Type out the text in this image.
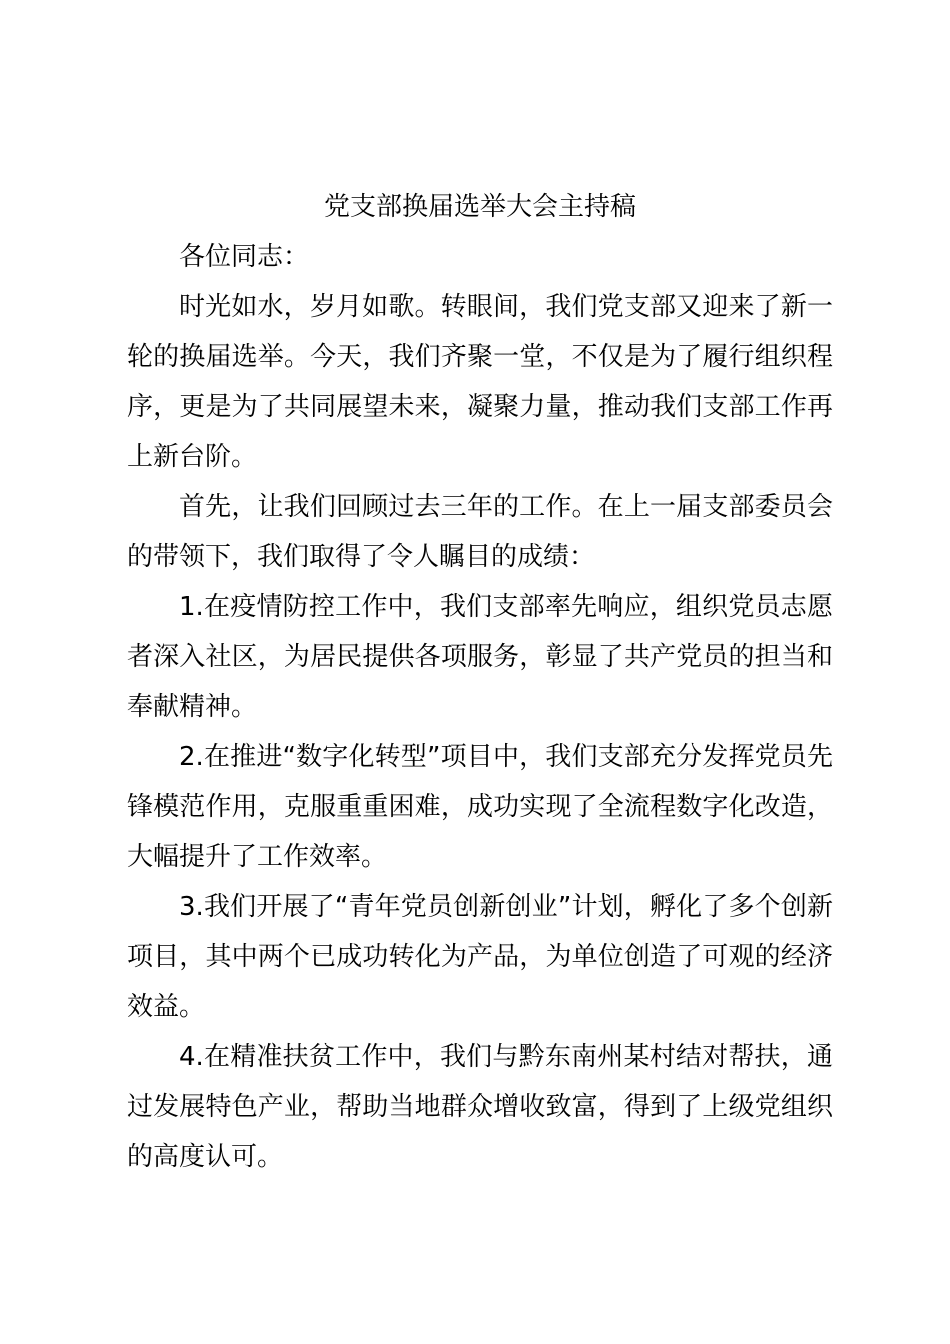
党支部换届选举大会主持稿

各位同志：

时光如水，岁月如歌。转眼间，我们党支部又迎来了新一轮的换届选举。今天，我们齐聚一堂，不仅是为了履行组织程序，更是为了共同展望未来，凝聚力量，推动我们支部工作再上新台阶。

首先，让我们回顾过去三年的工作。在上一届支部委员会的带领下，我们取得了令人瞩目的成绩：

1.在疫情防控工作中，我们支部率先响应，组织党员志愿者深入社区，为居民提供各项服务，彰显了共产党员的担当和奉献精神。

2.在推进“数字化转型”项目中，我们支部充分发挥党员先锋模范作用，克服重重困难，成功实现了全流程数字化改造，大幅提升了工作效率。

3.我们开展了“青年党员创新创业”计划，孵化了多个创新项目，其中两个已成功转化为产品，为单位创造了可观的经济效益。

4.在精准扶贫工作中，我们与黔东南州某村结对帮扶，通过发展特色产业，帮助当地群众增收致富，得到了上级党组织的高度认可。
